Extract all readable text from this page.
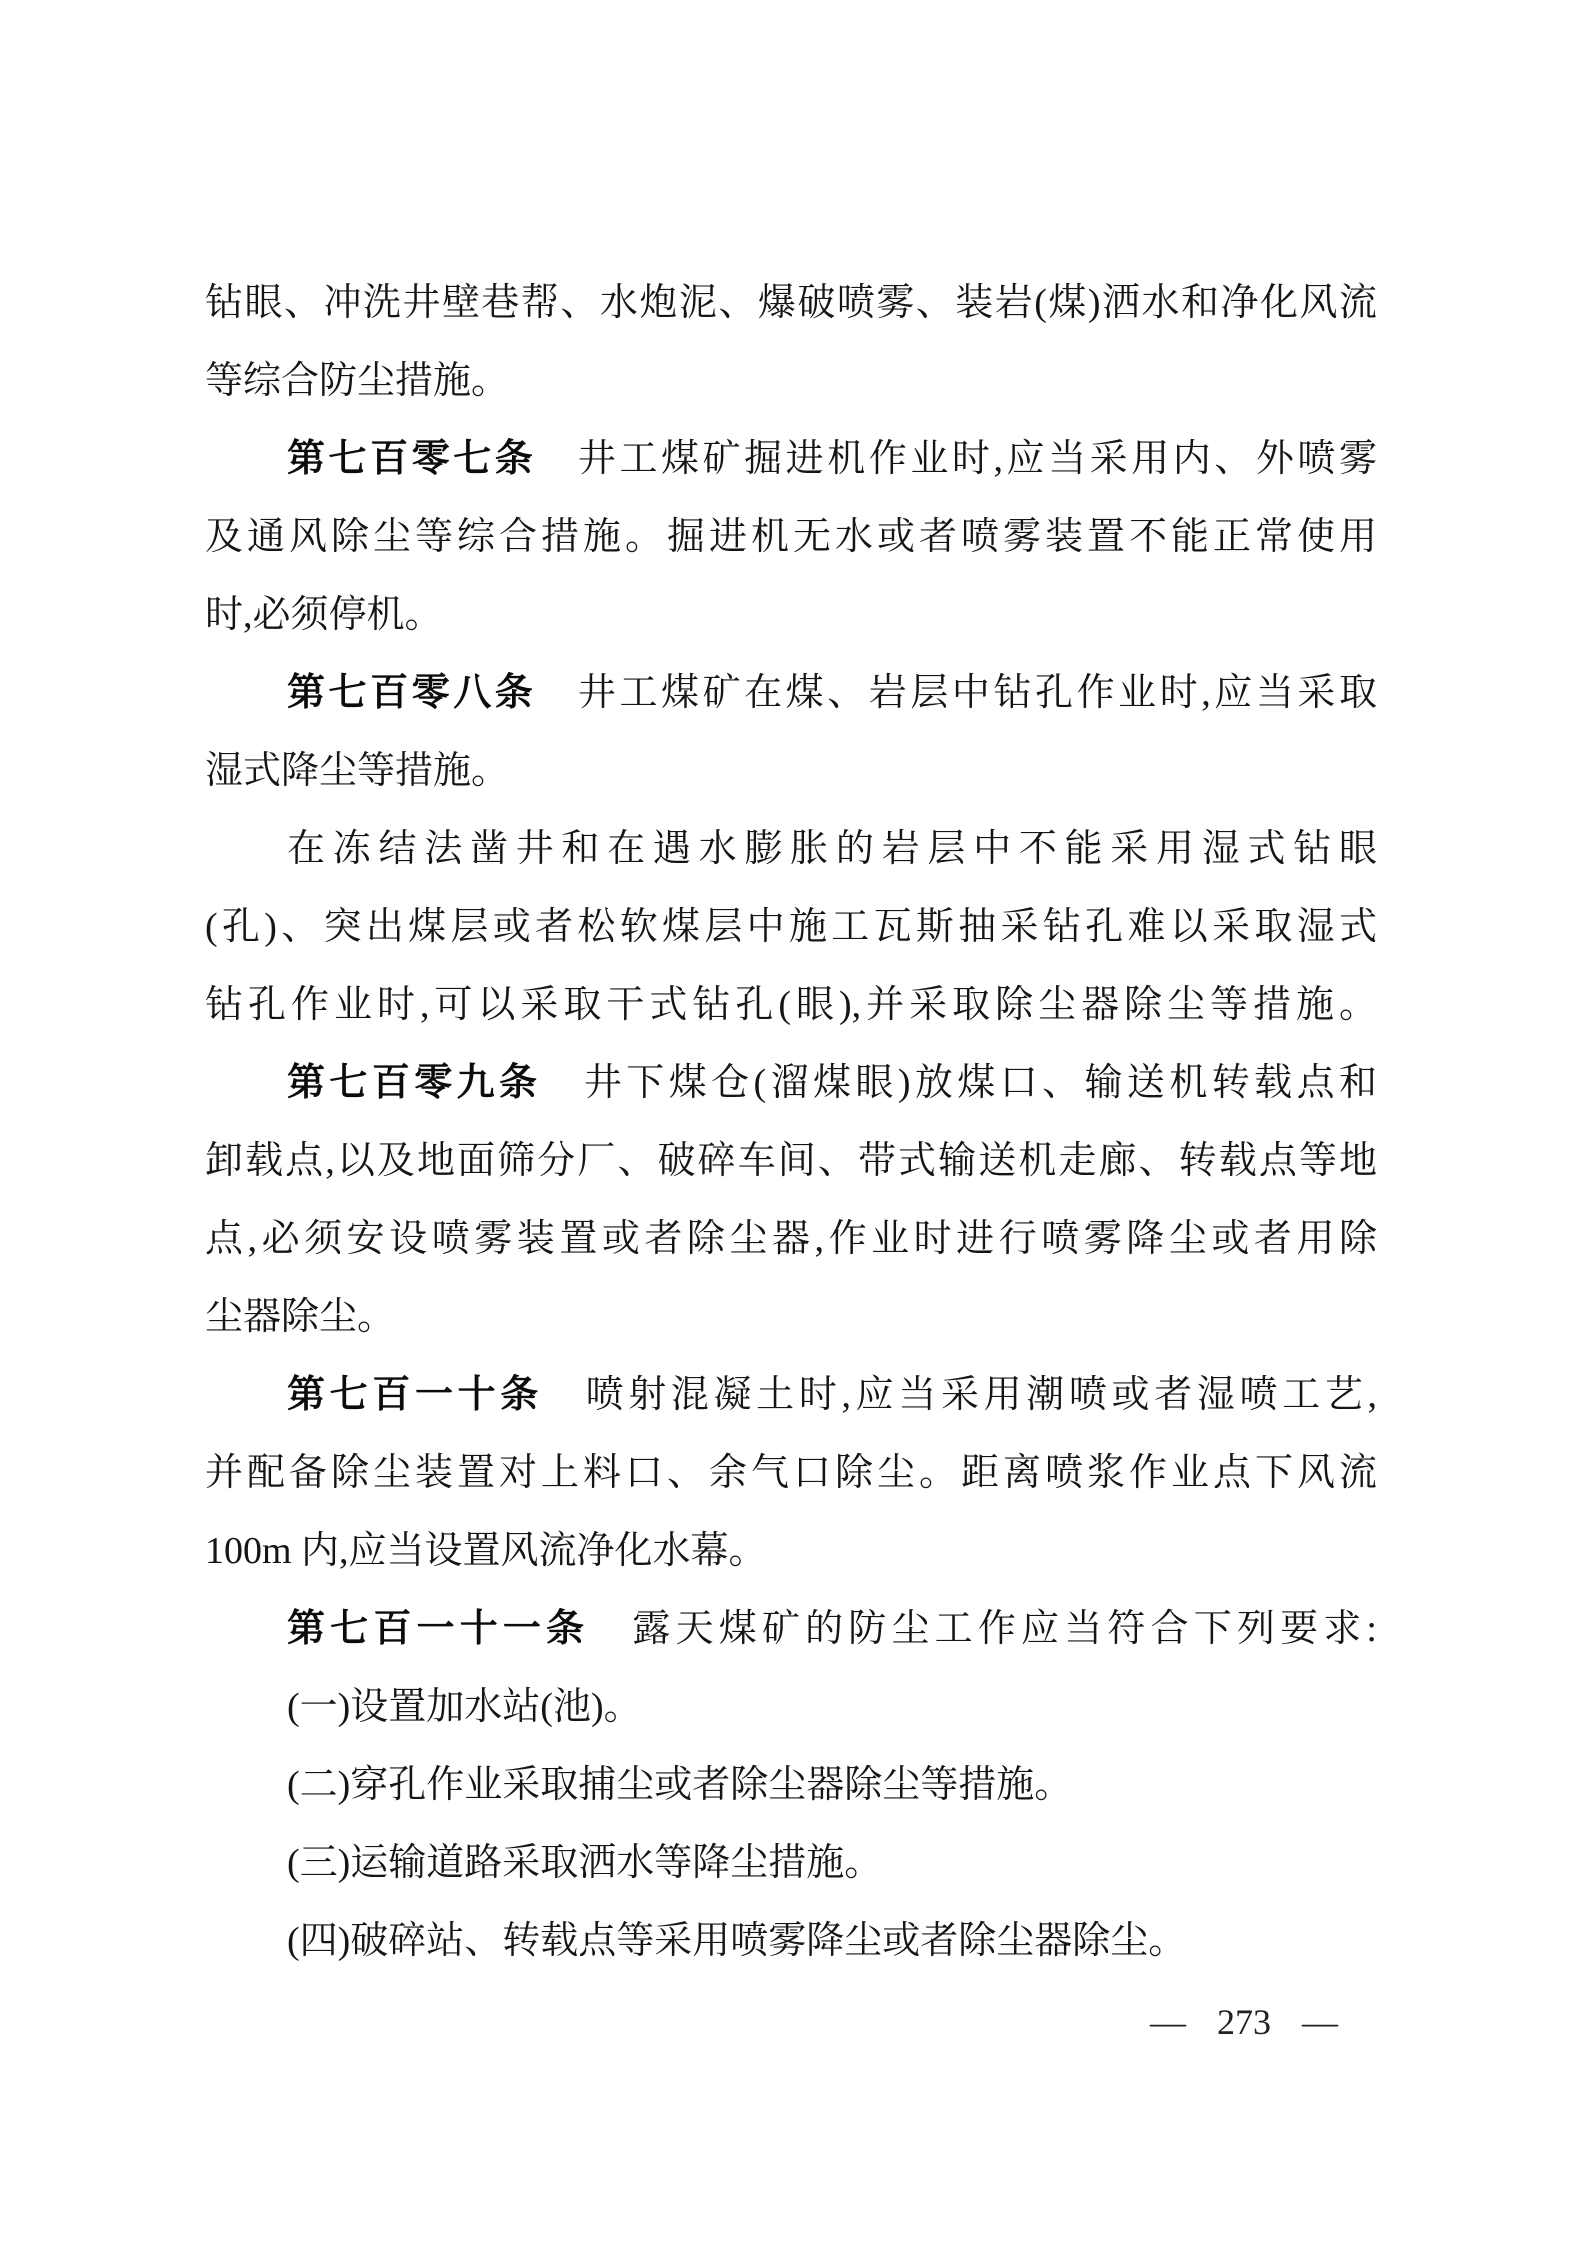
钻眼、冲洗井壁巷帮、水炮泥、爆破喷雾、装岩(煤)洒水和净化风流
等综合防尘措施。
第七百零七条 井工煤矿掘进机作业时,应当采用内、外喷雾
及通风除尘等综合措施。掘进机无水或者喷雾装置不能正常使用
时,必须停机。
第七百零八条 井工煤矿在煤、岩层中钻孔作业时,应当采取
湿式降尘等措施。
在冻结法凿井和在遇水膨胀的岩层中不能采用湿式钻眼
(孔)、突出煤层或者松软煤层中施工瓦斯抽采钻孔难以采取湿式
钻孔作业时,可以采取干式钻孔(眼),并采取除尘器除尘等措施。
第七百零九条 井下煤仓(溜煤眼)放煤口、输送机转载点和
卸载点,以及地面筛分厂、破碎车间、带式输送机走廊、转载点等地
点,必须安设喷雾装置或者除尘器,作业时进行喷雾降尘或者用除
尘器除尘。
第七百一十条 喷射混凝土时,应当采用潮喷或者湿喷工艺,
并配备除尘装置对上料口、余气口除尘。距离喷浆作业点下风流
100m 内,应当设置风流净化水幕。
第七百一十一条 露天煤矿的防尘工作应当符合下列要求:
(一)设置加水站(池)。
(二)穿孔作业采取捕尘或者除尘器除尘等措施。
(三)运输道路采取洒水等降尘措施。
(四)破碎站、转载点等采用喷雾降尘或者除尘器除尘。
— 273 —
